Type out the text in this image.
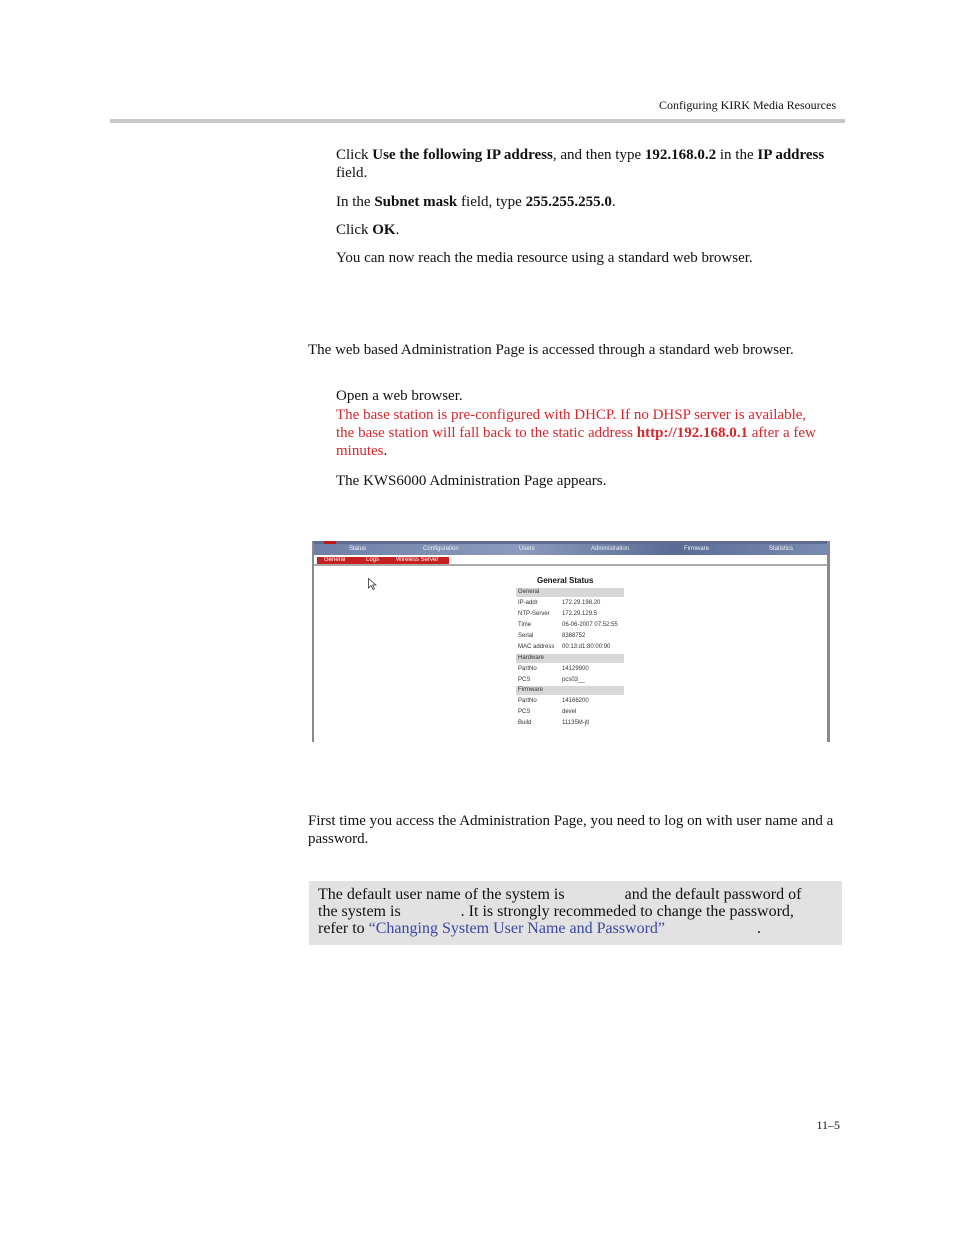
Configuring KIRK Media Resources
Click Use the following IP address, and then type 192.168.0.2 in the IP address field.
In the Subnet mask field, type 255.255.255.0.
Click OK.
You can now reach the media resource using a standard web browser.
The web based Administration Page is accessed through a standard web browser.
Open a web browser.
The base station is pre-configured with DHCP. If no DHSP server is available, the base station will fall back to the static address http://192.168.0.1 after a few minutes.
The KWS6000 Administration Page appears.
Status	Configuration	Users	Administration	Firmware	Statistics
General	Logs	Wireless Server
General Status
General
IP-addr	172.29.198.20
NTP-Server 172.29.129.5
Time	06-06-2007 07:52:55
Serial	8388752
MAC address 00:13:d1:80:00:90
Hardware
PartNo	14129900
PCS	pcs03__
Firmware
PartNo	14166200
PCS	devel
Build	11135M-jtl
First time you access the Administration Page, you need to log on with user name and a password.
The default user name of the system is	and the default password of
the system is	. It is strongly recommeded to change the password,
refer to “Changing System User Name and Password”	.
11–5
